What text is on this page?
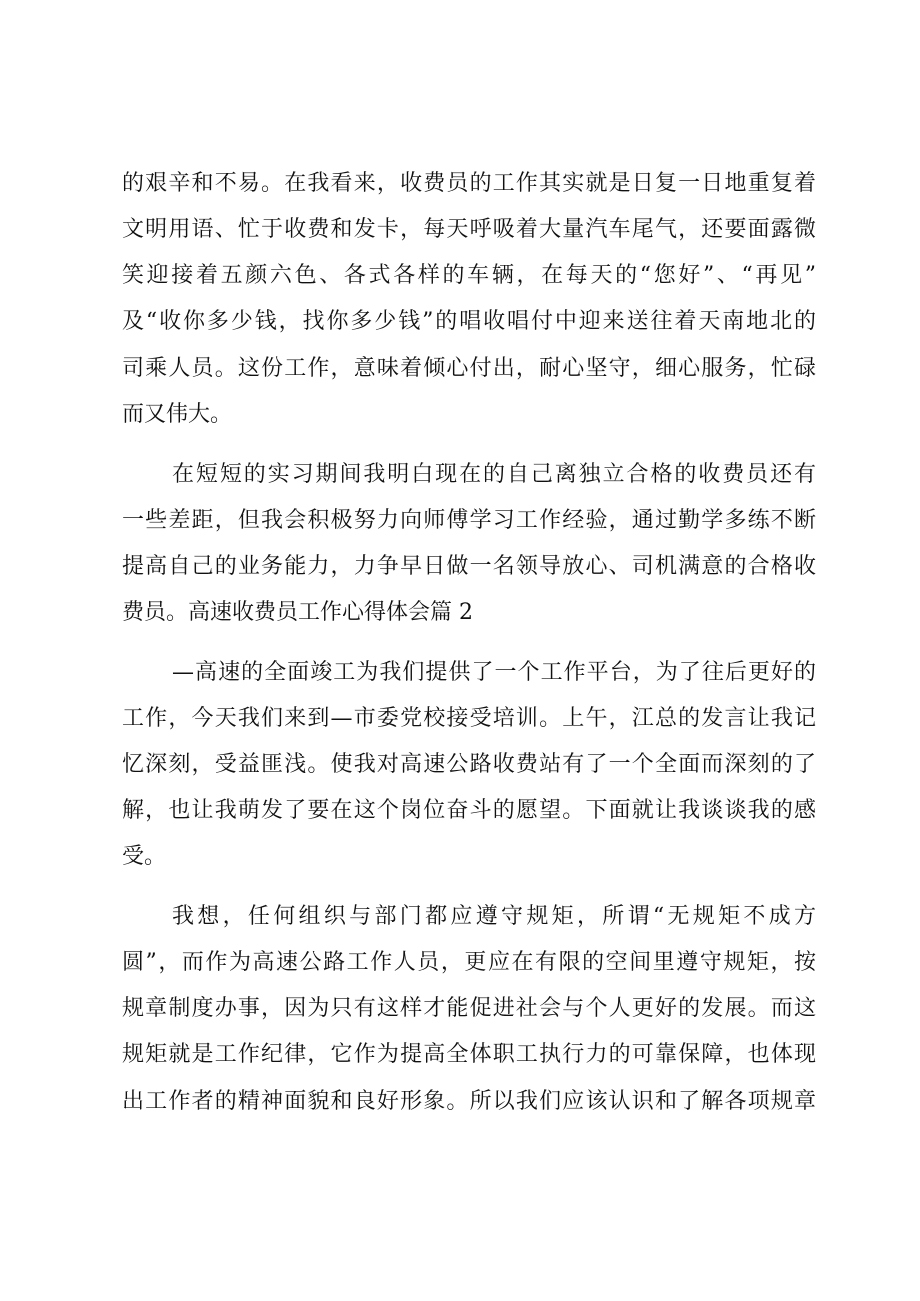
的艰辛和不易。在我看来，收费员的工作其实就是日复一日地重复着
文明用语、忙于收费和发卡，每天呼吸着大量汽车尾气，还要面露微
笑迎接着五颜六色、各式各样的车辆，在每天的“您好”、“再见”
及“收你多少钱，找你多少钱”的唱收唱付中迎来送往着天南地北的
司乘人员。这份工作，意味着倾心付出，耐心坚守，细心服务，忙碌
而又伟大。
在短短的实习期间我明白现在的自己离独立合格的收费员还有
一些差距，但我会积极努力向师傅学习工作经验，通过勤学多练不断
提高自己的业务能力，力争早日做一名领导放心、司机满意的合格收
费员。高速收费员工作心得体会篇 2
—高速的全面竣工为我们提供了一个工作平台，为了往后更好的
工作，今天我们来到—市委党校接受培训。上午，江总的发言让我记
忆深刻，受益匪浅。使我对高速公路收费站有了一个全面而深刻的了
解，也让我萌发了要在这个岗位奋斗的愿望。下面就让我谈谈我的感
受。
我想，任何组织与部门都应遵守规矩，所谓“无规矩不成方
圆”，而作为高速公路工作人员，更应在有限的空间里遵守规矩，按
规章制度办事，因为只有这样才能促进社会与个人更好的发展。而这
规矩就是工作纪律，它作为提高全体职工执行力的可靠保障，也体现
出工作者的精神面貌和良好形象。所以我们应该认识和了解各项规章
